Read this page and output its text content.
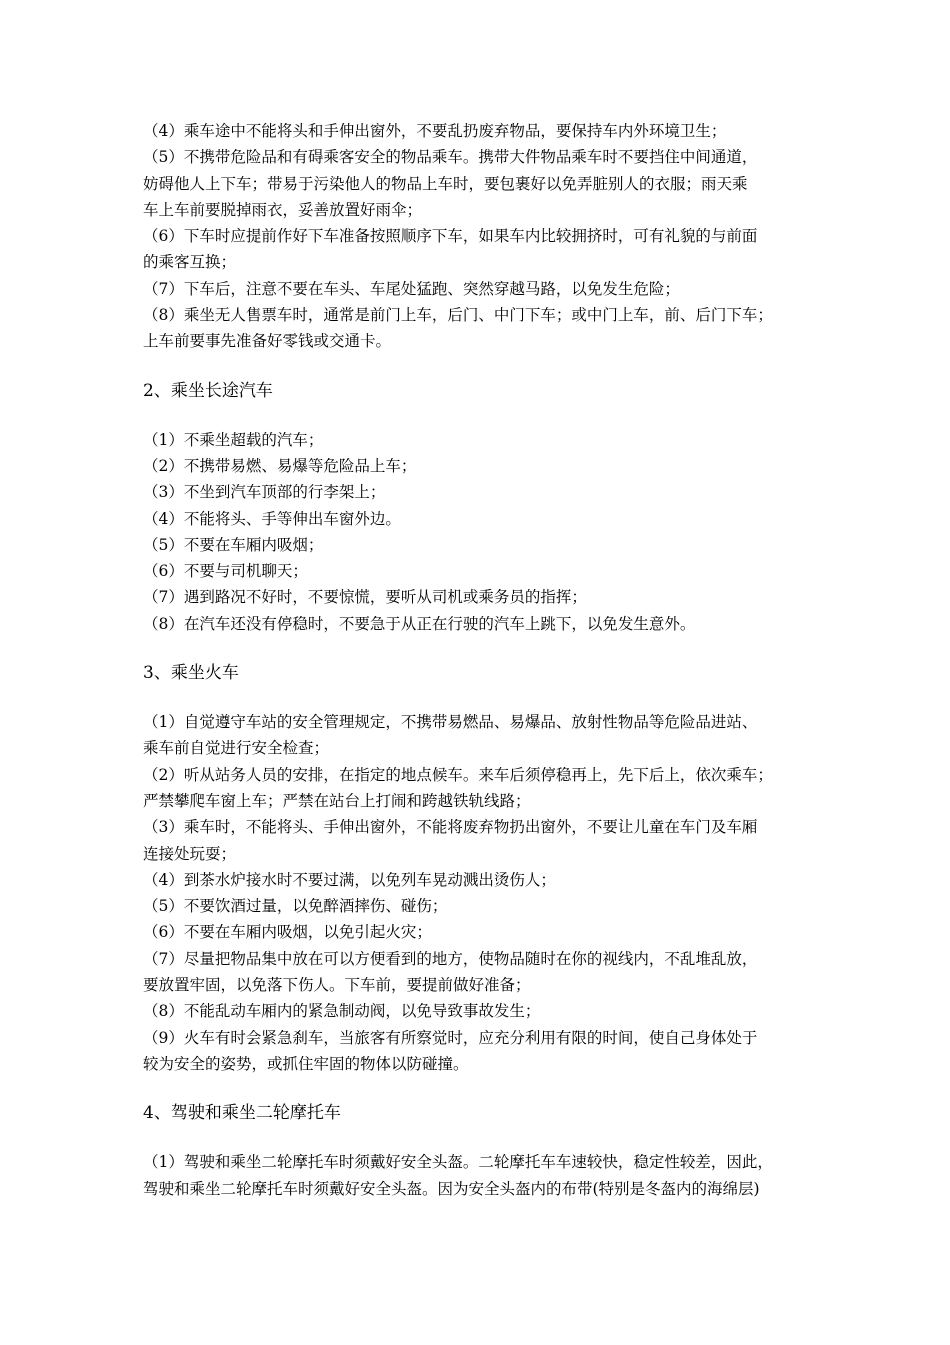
（4）乘车途中不能将头和手伸出窗外，不要乱扔废弃物品，要保持车内外环境卫生；
（5）不携带危险品和有碍乘客安全的物品乘车。携带大件物品乘车时不要挡住中间通道，
妨碍他人上下车；带易于污染他人的物品上车时，要包裹好以免弄脏别人的衣服；雨天乘
车上车前要脱掉雨衣，妥善放置好雨伞；
（6）下车时应提前作好下车准备按照顺序下车，如果车内比较拥挤时，可有礼貌的与前面
的乘客互换；
（7）下车后，注意不要在车头、车尾处猛跑、突然穿越马路，以免发生危险；
（8）乘坐无人售票车时，通常是前门上车，后门、中门下车；或中门上车，前、后门下车；
上车前要事先准备好零钱或交通卡。
2、乘坐长途汽车
（1）不乘坐超载的汽车；
（2）不携带易燃、易爆等危险品上车；
（3）不坐到汽车顶部的行李架上；
（4）不能将头、手等伸出车窗外边。
（5）不要在车厢内吸烟；
（6）不要与司机聊天；
（7）遇到路况不好时，不要惊慌，要听从司机或乘务员的指挥；
（8）在汽车还没有停稳时，不要急于从正在行驶的汽车上跳下，以免发生意外。
3、乘坐火车
（1）自觉遵守车站的安全管理规定，不携带易燃品、易爆品、放射性物品等危险品进站、
乘车前自觉进行安全检查；
（2）听从站务人员的安排，在指定的地点候车。来车后须停稳再上，先下后上，依次乘车；
严禁攀爬车窗上车；严禁在站台上打闹和跨越铁轨线路；
（3）乘车时，不能将头、手伸出窗外，不能将废弃物扔出窗外，不要让儿童在车门及车厢
连接处玩耍；
（4）到茶水炉接水时不要过满，以免列车晃动溅出烫伤人；
（5）不要饮酒过量，以免醉酒摔伤、碰伤；
（6）不要在车厢内吸烟，以免引起火灾；
（7）尽量把物品集中放在可以方便看到的地方，使物品随时在你的视线内，不乱堆乱放，
要放置牢固，以免落下伤人。下车前，要提前做好准备；
（8）不能乱动车厢内的紧急制动阀，以免导致事故发生；
（9）火车有时会紧急刹车，当旅客有所察觉时，应充分利用有限的时间，使自己身体处于
较为安全的姿势，或抓住牢固的物体以防碰撞。
4、驾驶和乘坐二轮摩托车
（1）驾驶和乘坐二轮摩托车时须戴好安全头盔。二轮摩托车车速较快，稳定性较差，因此，
驾驶和乘坐二轮摩托车时须戴好安全头盔。因为安全头盔内的布带(特别是冬盔内的海绵层)
